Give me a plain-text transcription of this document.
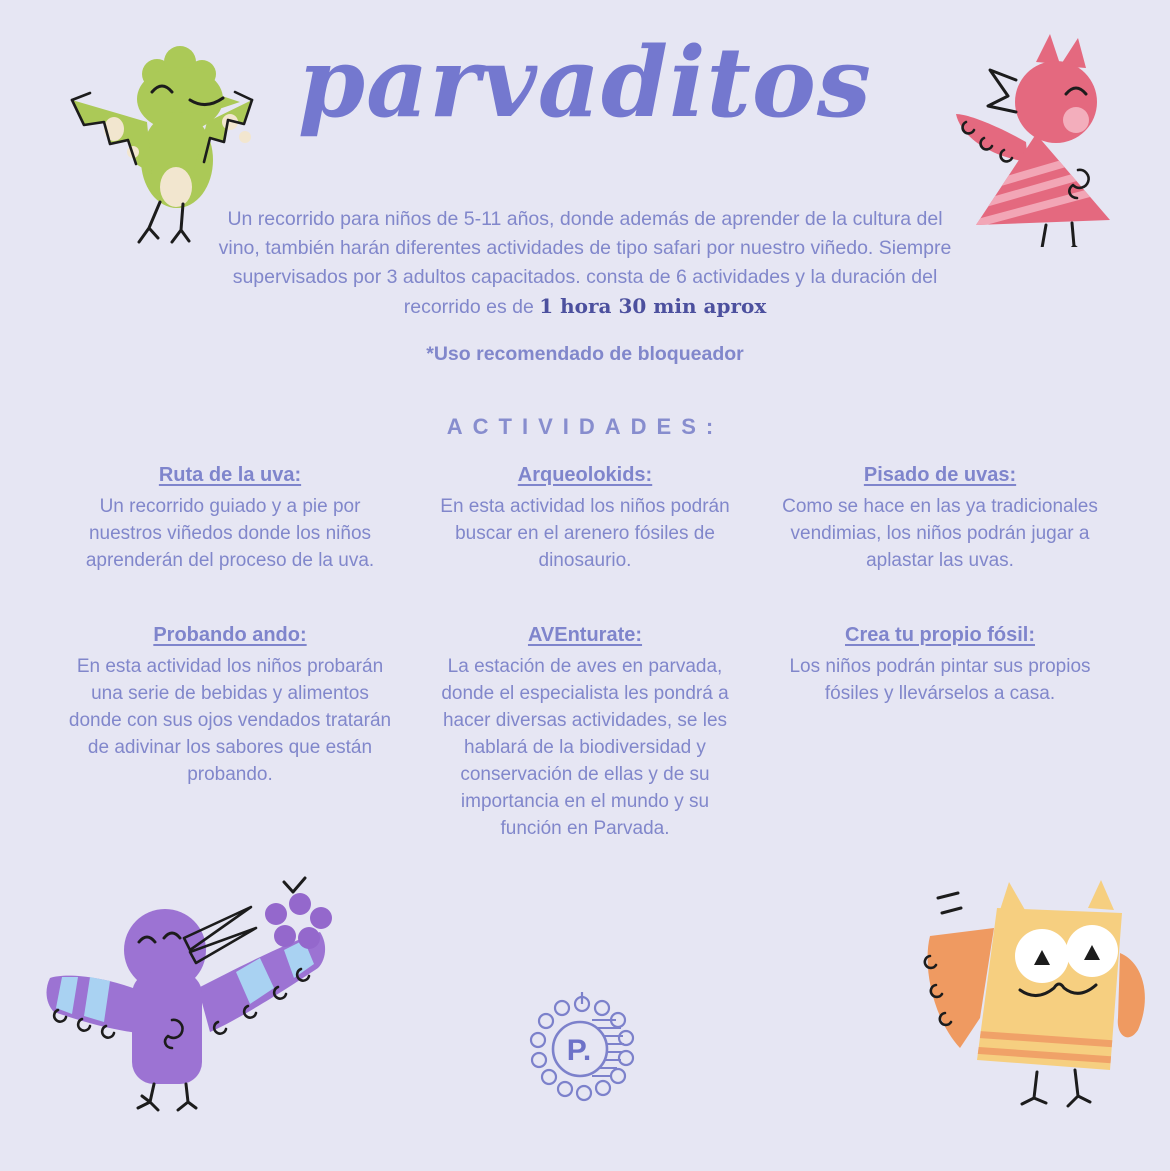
parvaditos
Un recorrido para niños de 5-11 años, donde además de aprender de la cultura del vino, también harán diferentes actividades de tipo safari por nuestro viñedo. Siempre supervisados por 3 adultos capacitados. consta de 6 actividades y la duración del recorrido es de 1 hora 30 min aprox
*Uso recomendado de bloqueador
ACTIVIDADES:
Ruta de la uva:

Un recorrido guiado y a pie por nuestros viñedos donde los niños aprenderán del proceso de la uva.

Arqueolokids:

En esta actividad los niños podrán buscar en el arenero fósiles de dinosaurio.

Pisado de uvas:

Como se hace en las ya tradicionales vendimias, los niños podrán jugar a aplastar las uvas.

Probando ando:

En esta actividad los niños probarán una serie de bebidas y alimentos donde con sus ojos vendados tratarán de adivinar los sabores que están probando.

AVEnturate:

La estación de aves en parvada, donde el especialista les pondrá a hacer diversas actividades, se les hablará de la biodiversidad y conservación de ellas y de su importancia en el mundo y su función en Parvada.

Crea tu propio fósil:

Los niños podrán pintar sus propios fósiles y llevárselos a casa.

P.
